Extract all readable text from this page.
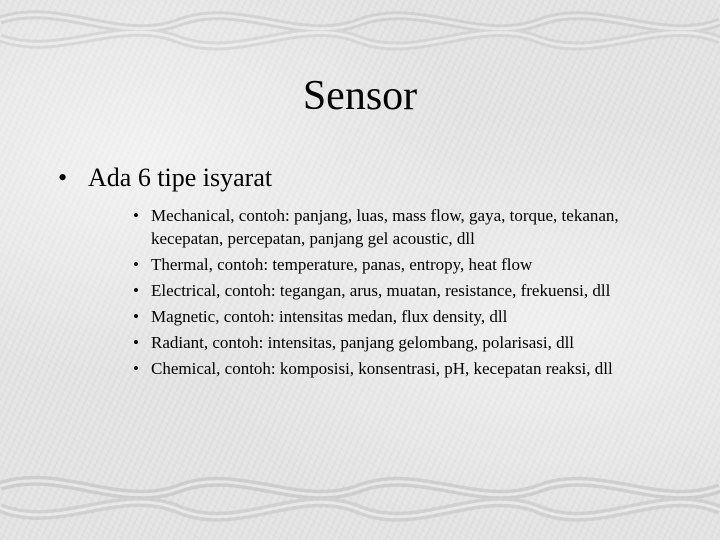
Sensor
• Ada 6 tipe isyarat
• Mechanical, contoh: panjang, luas, mass flow, gaya, torque, tekanan, kecepatan, percepatan, panjang gel acoustic, dll
• Thermal, contoh: temperature, panas, entropy, heat flow
• Electrical, contoh: tegangan, arus, muatan, resistance, frekuensi, dll
• Magnetic, contoh: intensitas medan, flux density, dll
• Radiant, contoh: intensitas, panjang gelombang, polarisasi, dll
• Chemical, contoh: komposisi, konsentrasi, pH, kecepatan reaksi, dll
